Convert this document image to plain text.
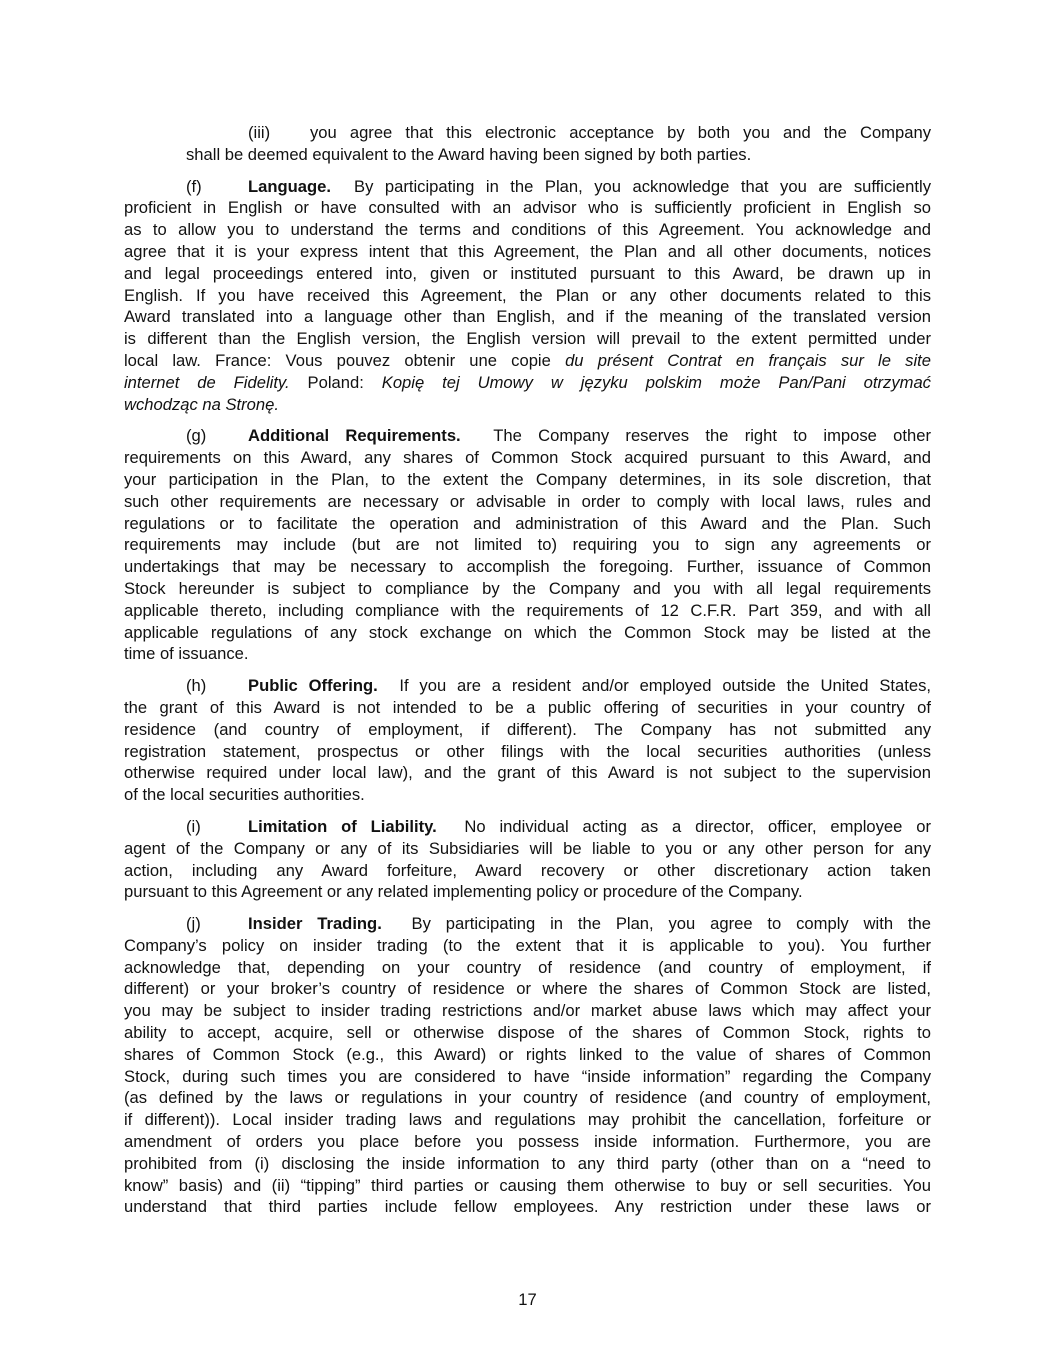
(iii) you agree that this electronic acceptance by both you and the Company
shall be deemed equivalent to the Award having been signed by both parties.
(f)	Language. By participating in the Plan, you acknowledge that you are sufficiently
proficient in English or have consulted with an advisor who is sufficiently proficient in English so
as to allow you to understand the terms and conditions of this Agreement. You acknowledge and
agree that it is your express intent that this Agreement, the Plan and all other documents, notices
and legal proceedings entered into, given or instituted pursuant to this Award, be drawn up in
English. If you have received this Agreement, the Plan or any other documents related to this
Award translated into a language other than English, and if the meaning of the translated version
is different than the English version, the English version will prevail to the extent permitted under
local law. France: Vous pouvez obtenir une copie du présent Contrat en français sur le site
internet de Fidelity. Poland: Kopię tej Umowy w języku polskim może Pan/Pani otrzymać
wchodząc na Stronę.
(g)	Additional Requirements. The Company reserves the right to impose other
requirements on this Award, any shares of Common Stock acquired pursuant to this Award, and
your participation in the Plan, to the extent the Company determines, in its sole discretion, that
such other requirements are necessary or advisable in order to comply with local laws, rules and
regulations or to facilitate the operation and administration of this Award and the Plan. Such
requirements may include (but are not limited to) requiring you to sign any agreements or
undertakings that may be necessary to accomplish the foregoing. Further, issuance of Common
Stock hereunder is subject to compliance by the Company and you with all legal requirements
applicable thereto, including compliance with the requirements of 12 C.F.R. Part 359, and with all
applicable regulations of any stock exchange on which the Common Stock may be listed at the
time of issuance.
(h)	Public Offering. If you are a resident and/or employed outside the United States,
the grant of this Award is not intended to be a public offering of securities in your country of
residence (and country of employment, if different). The Company has not submitted any
registration statement, prospectus or other filings with the local securities authorities (unless
otherwise required under local law), and the grant of this Award is not subject to the supervision
of the local securities authorities.
(i)	Limitation of Liability. No individual acting as a director, officer, employee or
agent of the Company or any of its Subsidiaries will be liable to you or any other person for any
action, including any Award forfeiture, Award recovery or other discretionary action taken
pursuant to this Agreement or any related implementing policy or procedure of the Company.
(j)	Insider Trading. By participating in the Plan, you agree to comply with the
Company’s policy on insider trading (to the extent that it is applicable to you). You further
acknowledge that, depending on your country of residence (and country of employment, if
different) or your broker’s country of residence or where the shares of Common Stock are listed,
you may be subject to insider trading restrictions and/or market abuse laws which may affect your
ability to accept, acquire, sell or otherwise dispose of the shares of Common Stock, rights to
shares of Common Stock (e.g., this Award) or rights linked to the value of shares of Common
Stock, during such times you are considered to have “inside information” regarding the Company
(as defined by the laws or regulations in your country of residence (and country of employment,
if different)). Local insider trading laws and regulations may prohibit the cancellation, forfeiture or
amendment of orders you place before you possess inside information. Furthermore, you are
prohibited from (i) disclosing the inside information to any third party (other than on a “need to
know” basis) and (ii) “tipping” third parties or causing them otherwise to buy or sell securities. You
understand that third parties include fellow employees. Any restriction under these laws or
17
